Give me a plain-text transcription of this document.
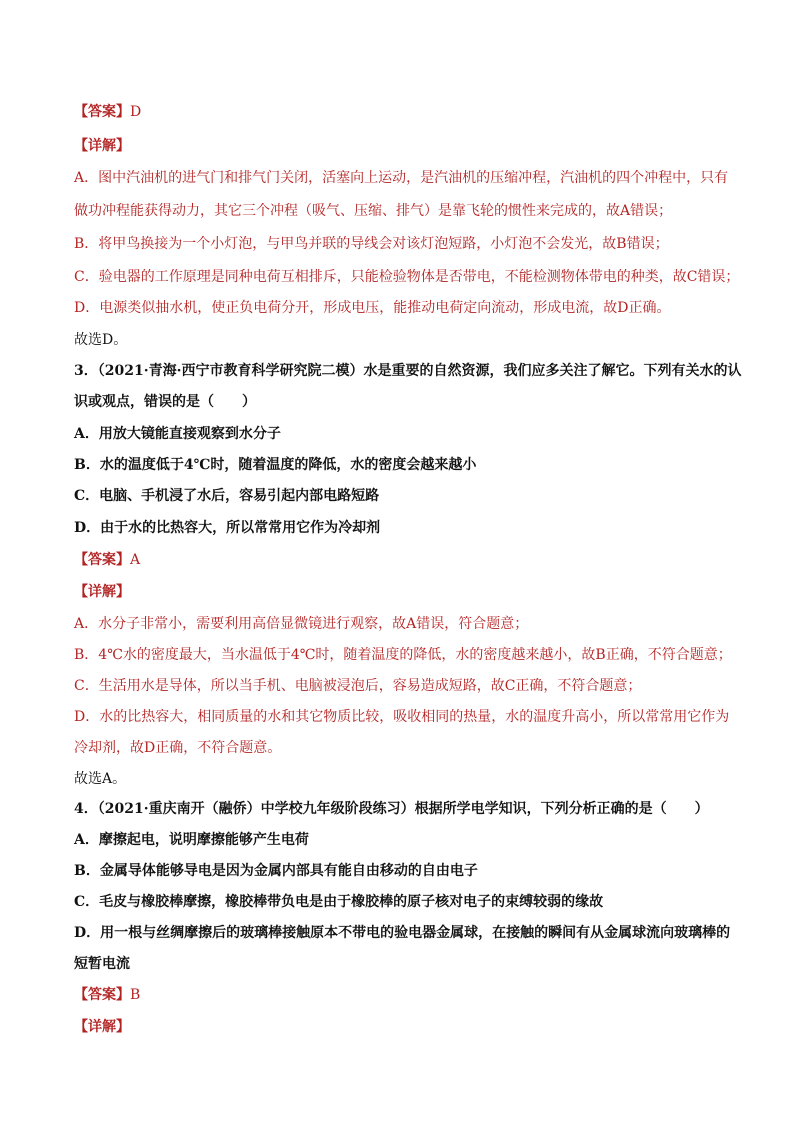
【答案】D
【详解】
A．图中汽油机的进气门和排气门关闭，活塞向上运动，是汽油机的压缩冲程，汽油机的四个冲程中，只有
做功冲程能获得动力，其它三个冲程（吸气、压缩、排气）是靠飞轮的惯性来完成的，故A错误；
B．将甲鸟换接为一个小灯泡，与甲鸟并联的导线会对该灯泡短路，小灯泡不会发光，故B错误；
C．验电器的工作原理是同种电荷互相排斥，只能检验物体是否带电，不能检测物体带电的种类，故C错误；
D．电源类似抽水机，使正负电荷分开，形成电压，能推动电荷定向流动，形成电流，故D正确。
故选D。
3．（2021·青海·西宁市教育科学研究院二模）水是重要的自然资源，我们应多关注了解它。下列有关水的认
识或观点，错误的是（　　）
A．用放大镜能直接观察到水分子
B．水的温度低于4℃时，随着温度的降低，水的密度会越来越小
C．电脑、手机浸了水后，容易引起内部电路短路
D．由于水的比热容大，所以常常用它作为冷却剂
【答案】A
【详解】
A．水分子非常小，需要利用高倍显微镜进行观察，故A错误，符合题意；
B．4℃水的密度最大，当水温低于4℃时，随着温度的降低，水的密度越来越小，故B正确，不符合题意；
C．生活用水是导体，所以当手机、电脑被浸泡后，容易造成短路，故C正确，不符合题意；
D．水的比热容大，相同质量的水和其它物质比较，吸收相同的热量，水的温度升高小，所以常常用它作为
冷却剂，故D正确，不符合题意。
故选A。
4．（2021·重庆南开（融侨）中学校九年级阶段练习）根据所学电学知识，下列分析正确的是（　　）
A．摩擦起电，说明摩擦能够产生电荷
B．金属导体能够导电是因为金属内部具有能自由移动的自由电子
C．毛皮与橡胶棒摩擦，橡胶棒带负电是由于橡胶棒的原子核对电子的束缚较弱的缘故
D．用一根与丝绸摩擦后的玻璃棒接触原本不带电的验电器金属球，在接触的瞬间有从金属球流向玻璃棒的
短暂电流
【答案】B
【详解】
